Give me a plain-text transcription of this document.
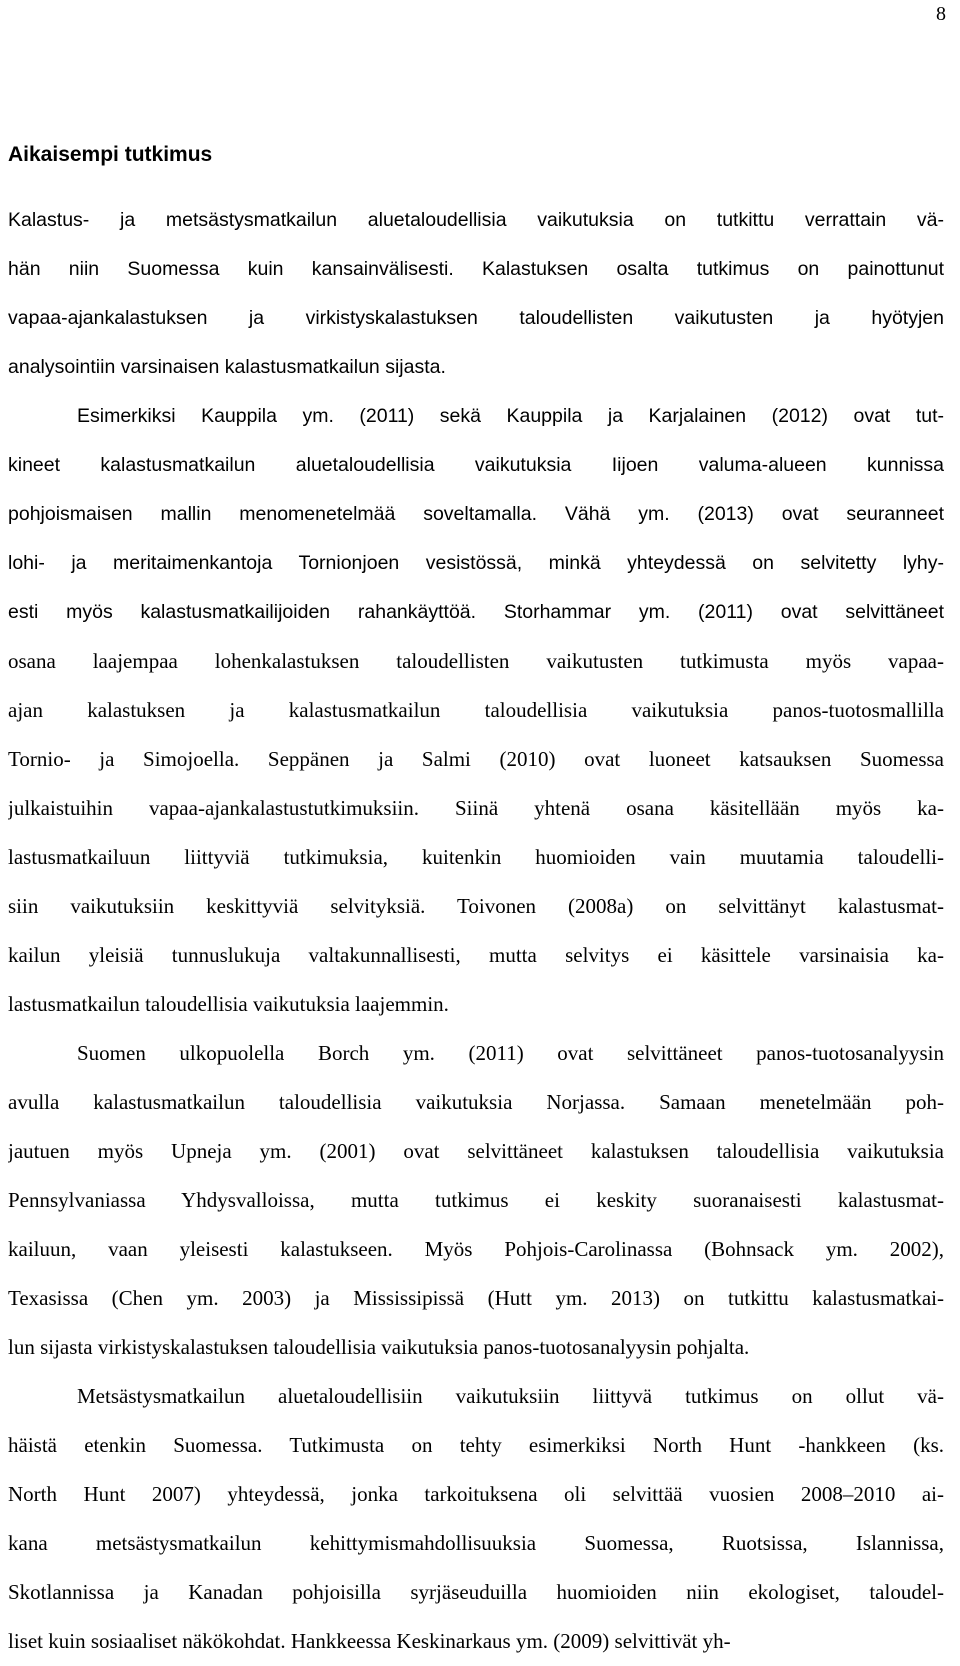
8
Aikaisempi tutkimus
Kalastus- ja metsästysmatkailun aluetaloudellisia vaikutuksia on tutkittu verrattain vä-
hän niin Suomessa kuin kansainvälisesti. Kalastuksen osalta tutkimus on painottunut
vapaa-ajankalastuksen ja virkistyskalastuksen taloudellisten vaikutusten ja hyötyjen
analysointiin varsinaisen kalastusmatkailun sijasta.
Esimerkiksi Kauppila ym. (2011) sekä Kauppila ja Karjalainen (2012) ovat tut-
kineet kalastusmatkailun aluetaloudellisia vaikutuksia Iijoen valuma-alueen kunnissa
pohjoismaisen mallin menomenetelmää soveltamalla. Vähä ym. (2013) ovat seuranneet
lohi- ja meritaimenkantoja Tornionjoen vesistössä, minkä yhteydessä on selvitetty lyhy-
esti myös kalastusmatkailijoiden rahankäyttöä. Storhammar ym. (2011) ovat selvittäneet
osana laajempaa lohenkalastuksen taloudellisten vaikutusten tutkimusta myös vapaa-
ajan kalastuksen ja kalastusmatkailun taloudellisia vaikutuksia panos-tuotosmallilla
Tornio- ja Simojoella. Seppänen ja Salmi (2010) ovat luoneet katsauksen Suomessa
julkaistuihin vapaa-ajankalastustutkimuksiin. Siinä yhtenä osana käsitellään myös ka-
lastusmatkailuun liittyviä tutkimuksia, kuitenkin huomioiden vain muutamia taloudelli-
siin vaikutuksiin keskittyviä selvityksiä. Toivonen (2008a) on selvittänyt kalastusmat-
kailun yleisiä tunnuslukuja valtakunnallisesti, mutta selvitys ei käsittele varsinaisia ka-
lastusmatkailun taloudellisia vaikutuksia laajemmin.
Suomen ulkopuolella Borch ym. (2011) ovat selvittäneet panos-tuotosanalyysin
avulla kalastusmatkailun taloudellisia vaikutuksia Norjassa. Samaan menetelmään poh-
jautuen myös Upneja ym. (2001) ovat selvittäneet kalastuksen taloudellisia vaikutuksia
Pennsylvaniassa Yhdysvalloissa, mutta tutkimus ei keskity suoranaisesti kalastusmat-
kailuun, vaan yleisesti kalastukseen. Myös Pohjois-Carolinassa (Bohnsack ym. 2002),
Texasissa (Chen ym. 2003) ja Mississipissä (Hutt ym. 2013) on tutkittu kalastusmatkai-
lun sijasta virkistyskalastuksen taloudellisia vaikutuksia panos-tuotosanalyysin pohjalta.
Metsästysmatkailun aluetaloudellisiin vaikutuksiin liittyvä tutkimus on ollut vä-
häistä etenkin Suomessa. Tutkimusta on tehty esimerkiksi North Hunt -hankkeen (ks.
North Hunt 2007) yhteydessä, jonka tarkoituksena oli selvittää vuosien 2008–2010 ai-
kana metsästysmatkailun kehittymismahdollisuuksia Suomessa, Ruotsissa, Islannissa,
Skotlannissa ja Kanadan pohjoisilla syrjäseuduilla huomioiden niin ekologiset, taloudel-
liset kuin sosiaaliset näkökohdat. Hankkeessa Keskinarkaus ym. (2009) selvittivät yh-
